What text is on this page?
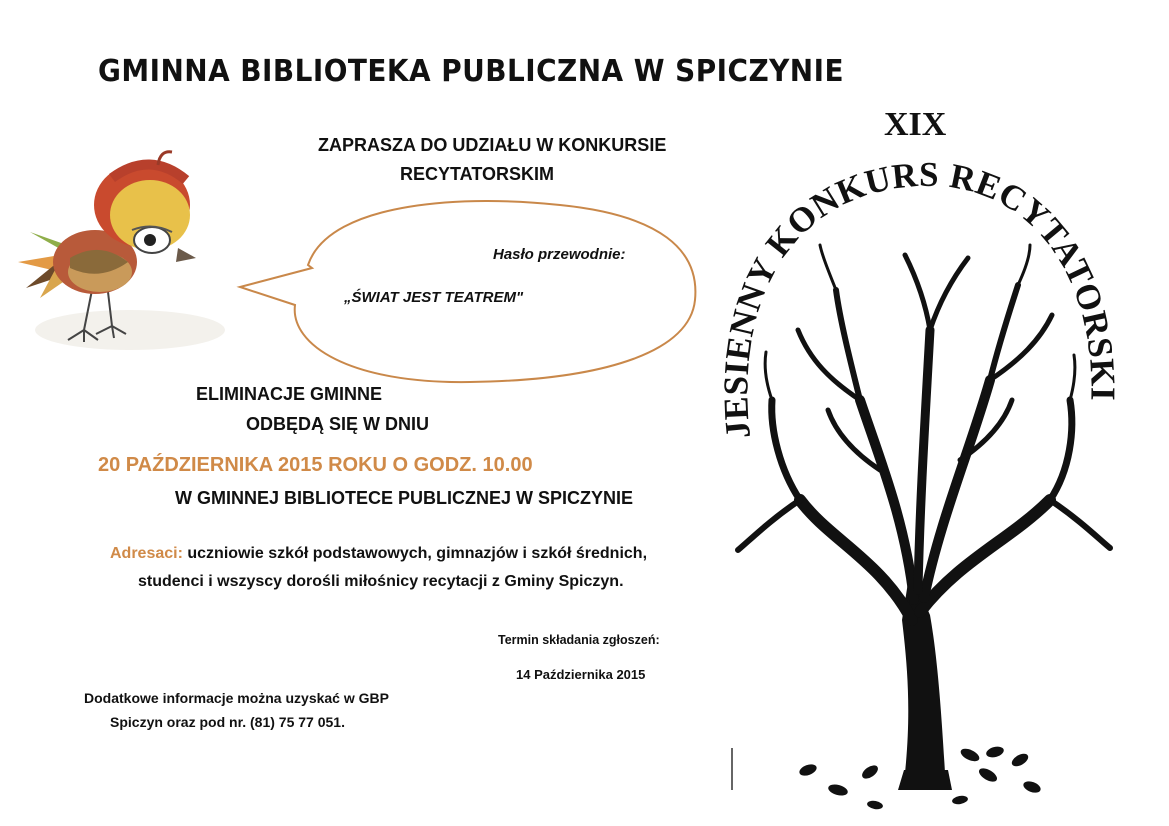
GMINNA BIBLIOTEKA PUBLICZNA W SPICZYNIE
ZAPRASZA DO UDZIAŁU W KONKURSIE
RECYTATORSKIM
JESIENNY KONKURS RECYTATORSKI
Hasło przewodnie:
„ŚWIAT JEST TEATREM"
XIX
ELIMINACJE GMINNE
ODBĘDĄ SIĘ W DNIU
20 PAŹDZIERNIKA 2015 ROKU O GODZ. 10.00
W GMINNEJ BIBLIOTECE PUBLICZNEJ W SPICZYNIE
Adresaci: uczniowie szkół podstawowych, gimnazjów i szkół średnich,
studenci i wszyscy dorośli miłośnicy recytacji z Gminy Spiczyn.
Termin składania zgłoszeń:
14 Października 2015
Dodatkowe informacje można uzyskać w GBP
Spiczyn oraz pod nr. (81) 75 77 051.
